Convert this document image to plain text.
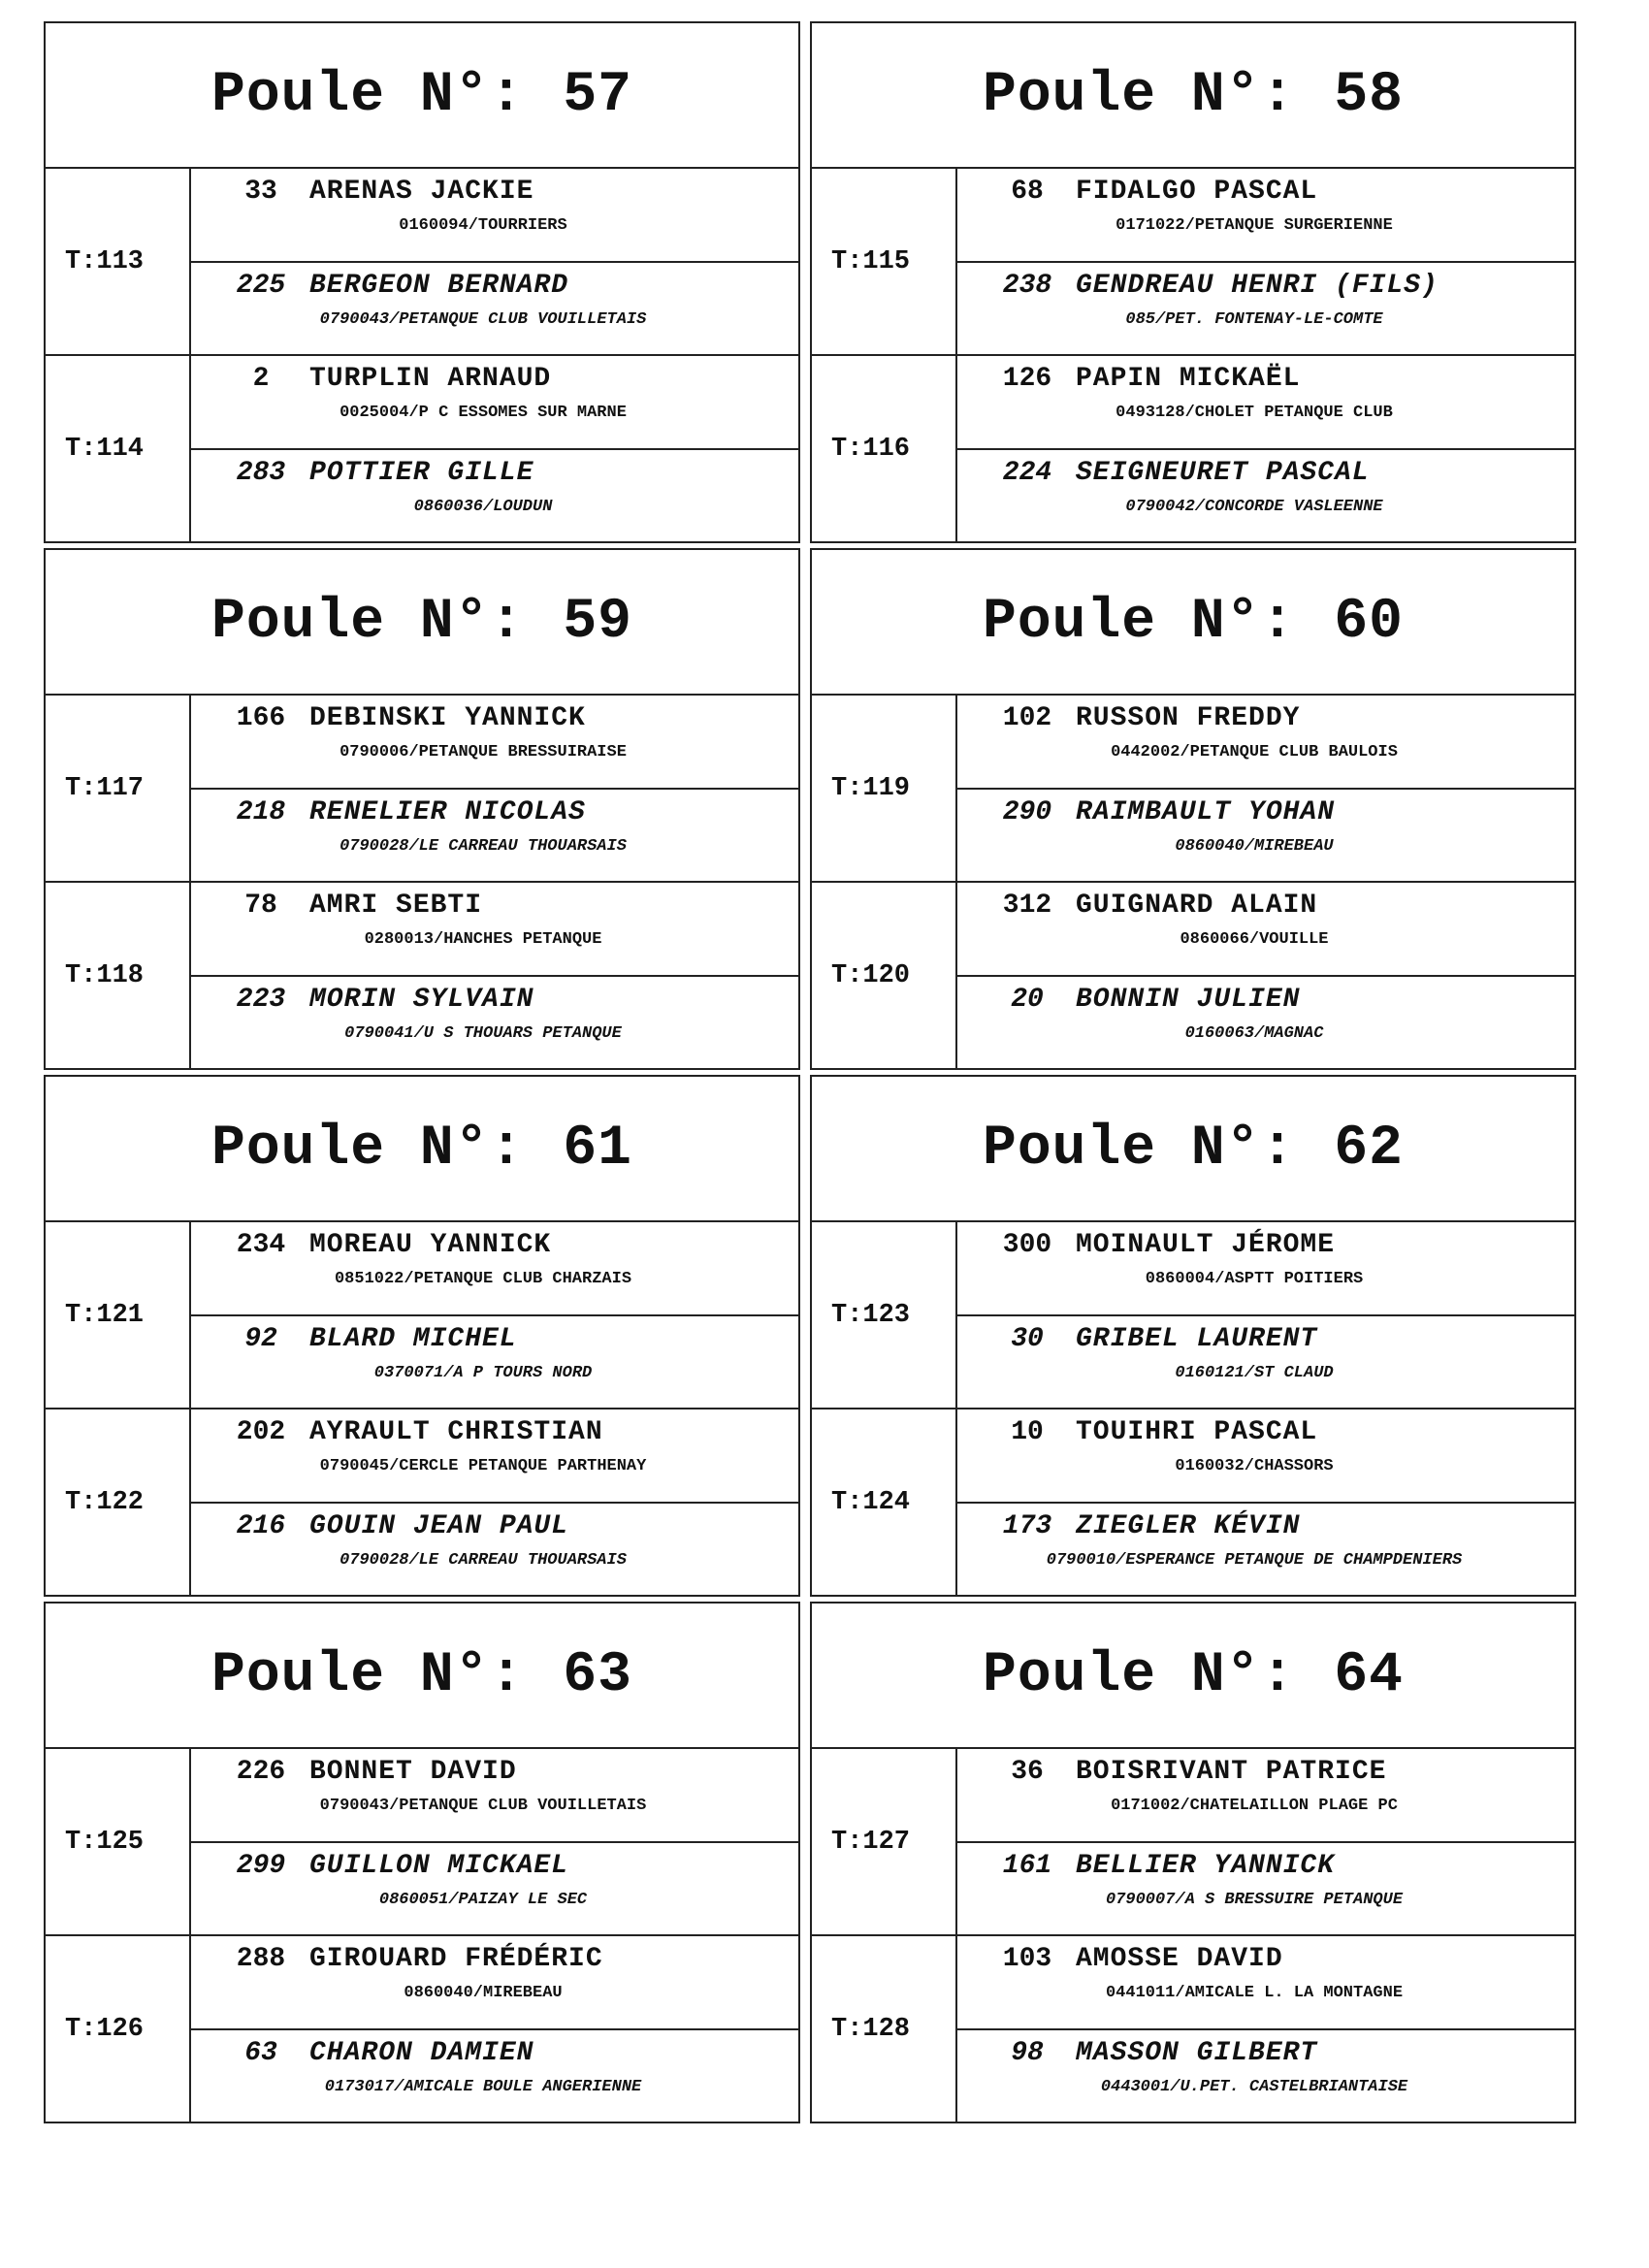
Poule N°: 57
T:113
33	ARENAS JACKIE
0160094/TOURRIERS
225 BERGEON BERNARD
0790043/PETANQUE CLUB VOUILLETAIS
T:114
2	TURPLIN ARNAUD
0025004/P C ESSOMES SUR MARNE
283 POTTIER GILLE
0860036/LOUDUN
Poule N°: 58
T:115
68	FIDALGO PASCAL
0171022/PETANQUE SURGERIENNE
238 GENDREAU HENRI (FILS)
085/PET. FONTENAY-LE-COMTE
T:116
126 PAPIN MICKAËL
0493128/CHOLET PETANQUE CLUB
224 SEIGNEURET PASCAL
0790042/CONCORDE VASLEENNE
Poule N°: 59
T:117
166 DEBINSKI YANNICK
0790006/PETANQUE BRESSUIRAISE
218 RENELIER NICOLAS
0790028/LE CARREAU THOUARSAIS
T:118
78	AMRI SEBTI
0280013/HANCHES PETANQUE
223 MORIN SYLVAIN
0790041/U S THOUARS PETANQUE
Poule N°: 60
T:119
102 RUSSON FREDDY
0442002/PETANQUE CLUB BAULOIS
290 RAIMBAULT YOHAN
0860040/MIREBEAU
T:120
312 GUIGNARD ALAIN
0860066/VOUILLE
20	BONNIN JULIEN
0160063/MAGNAC
Poule N°: 61
T:121
234 MOREAU YANNICK
0851022/PETANQUE CLUB CHARZAIS
92	BLARD MICHEL
0370071/A P TOURS NORD
T:122
202 AYRAULT CHRISTIAN
0790045/CERCLE PETANQUE PARTHENAY
216 GOUIN JEAN PAUL
0790028/LE CARREAU THOUARSAIS
Poule N°: 62
T:123
300 MOINAULT JÉROME
0860004/ASPTT POITIERS
30	GRIBEL LAURENT
0160121/ST CLAUD
T:124
10	TOUIHRI PASCAL
0160032/CHASSORS
173 ZIEGLER KÉVIN
0790010/ESPERANCE PETANQUE DE CHAMPDENIERS
Poule N°: 63
T:125
226 BONNET DAVID
0790043/PETANQUE CLUB VOUILLETAIS
299 GUILLON MICKAEL
0860051/PAIZAY LE SEC
T:126
288 GIROUARD FRÉDÉRIC
0860040/MIREBEAU
63	CHARON DAMIEN
0173017/AMICALE BOULE ANGERIENNE
Poule N°: 64
T:127
36	BOISRIVANT PATRICE
0171002/CHATELAILLON PLAGE PC
161 BELLIER YANNICK
0790007/A S BRESSUIRE PETANQUE
T:128
103 AMOSSE DAVID
0441011/AMICALE L. LA MONTAGNE
98	MASSON GILBERT
0443001/U.PET. CASTELBRIANTAISE
